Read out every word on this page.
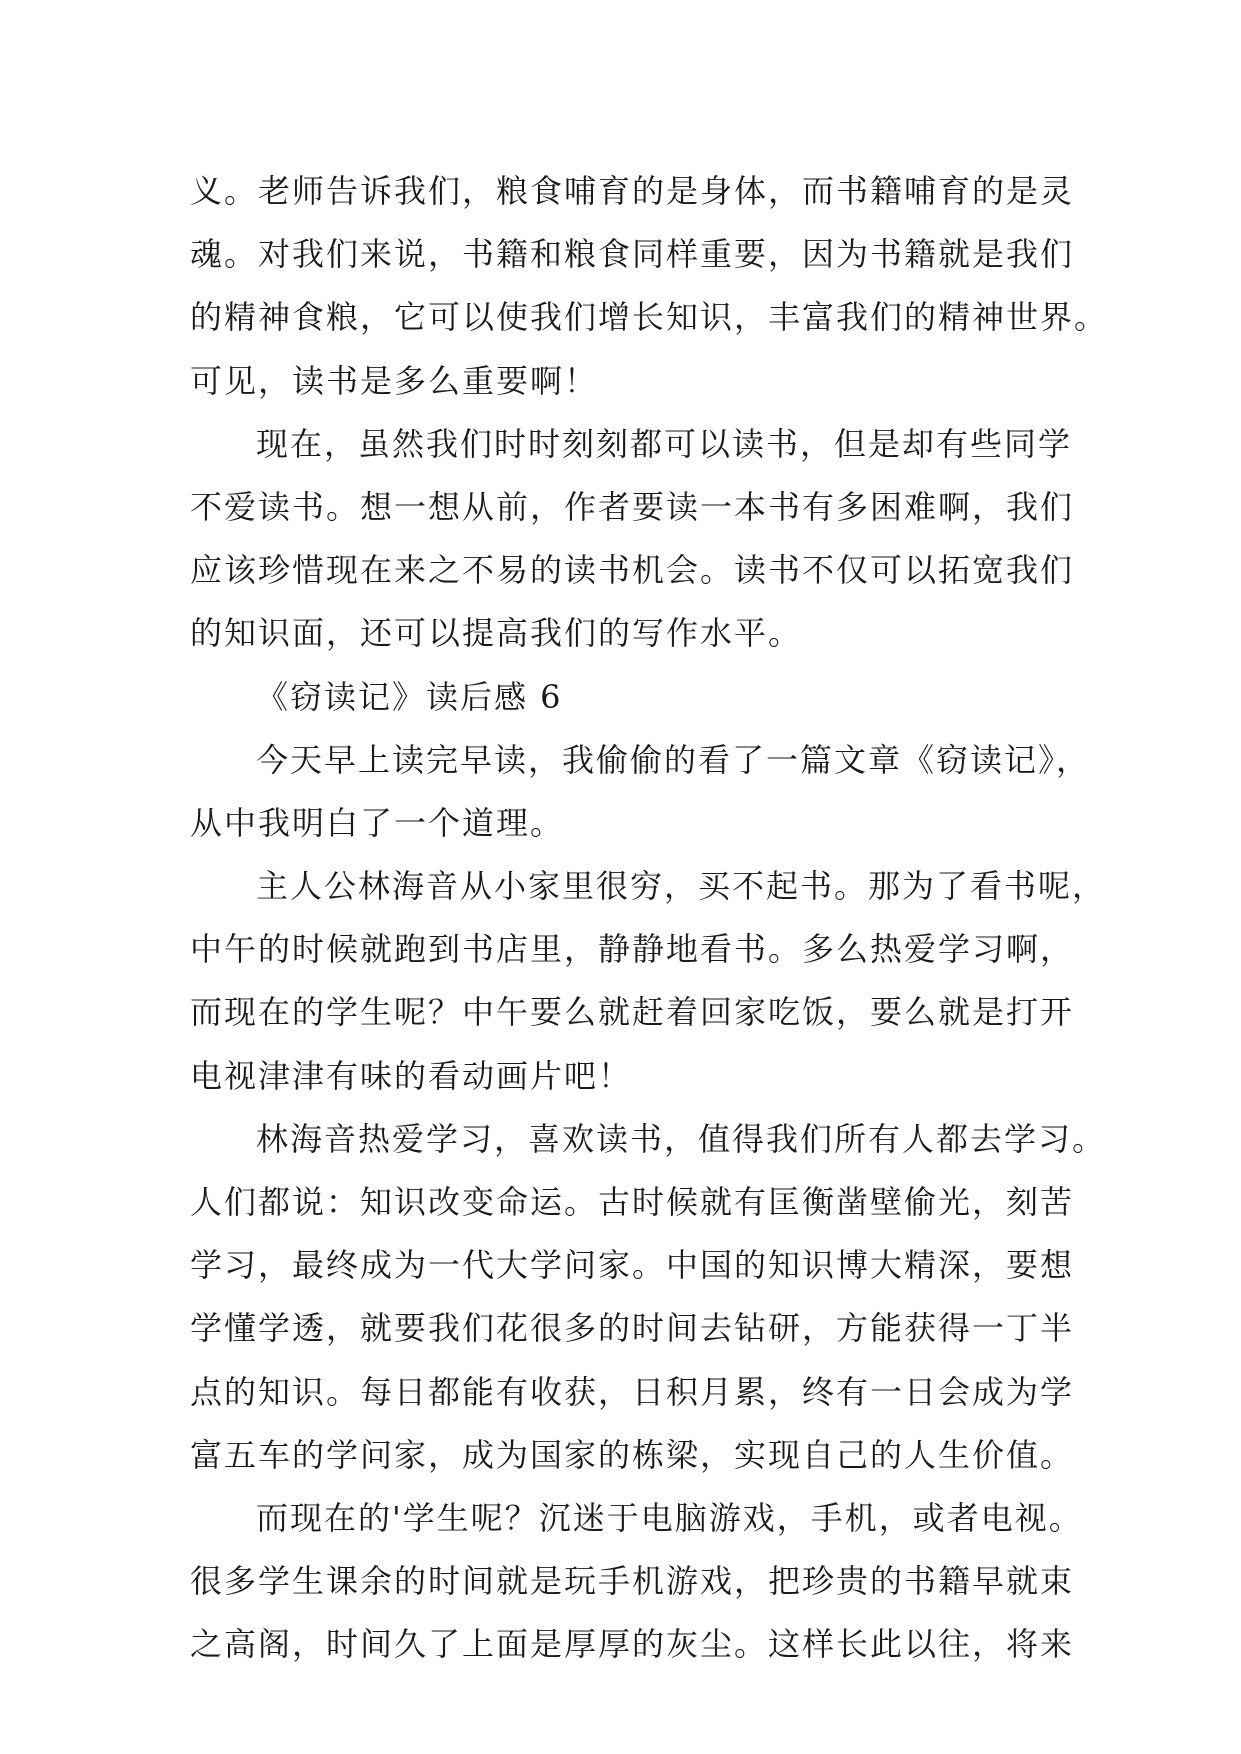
义。老师告诉我们，粮食哺育的是身体，而书籍哺育的是灵
魂。对我们来说，书籍和粮食同样重要，因为书籍就是我们
的精神食粮，它可以使我们增长知识，丰富我们的精神世界。
可见，读书是多么重要啊！
现在，虽然我们时时刻刻都可以读书，但是却有些同学
不爱读书。想一想从前，作者要读一本书有多困难啊，我们
应该珍惜现在来之不易的读书机会。读书不仅可以拓宽我们
的知识面，还可以提高我们的写作水平。
《窃读记》读后感 6
今天早上读完早读，我偷偷的看了一篇文章《窃读记》，
从中我明白了一个道理。
主人公林海音从小家里很穷，买不起书。那为了看书呢，
中午的时候就跑到书店里，静静地看书。多么热爱学习啊，
而现在的学生呢？中午要么就赶着回家吃饭，要么就是打开
电视津津有味的看动画片吧！
林海音热爱学习，喜欢读书，值得我们所有人都去学习。
人们都说：知识改变命运。古时候就有匡衡凿壁偷光，刻苦
学习，最终成为一代大学问家。中国的知识博大精深，要想
学懂学透，就要我们花很多的时间去钻研，方能获得一丁半
点的知识。每日都能有收获，日积月累，终有一日会成为学
富五车的学问家，成为国家的栋梁，实现自己的人生价值。
而现在的'学生呢？沉迷于电脑游戏，手机，或者电视。
很多学生课余的时间就是玩手机游戏，把珍贵的书籍早就束
之高阁，时间久了上面是厚厚的灰尘。这样长此以往，将来
